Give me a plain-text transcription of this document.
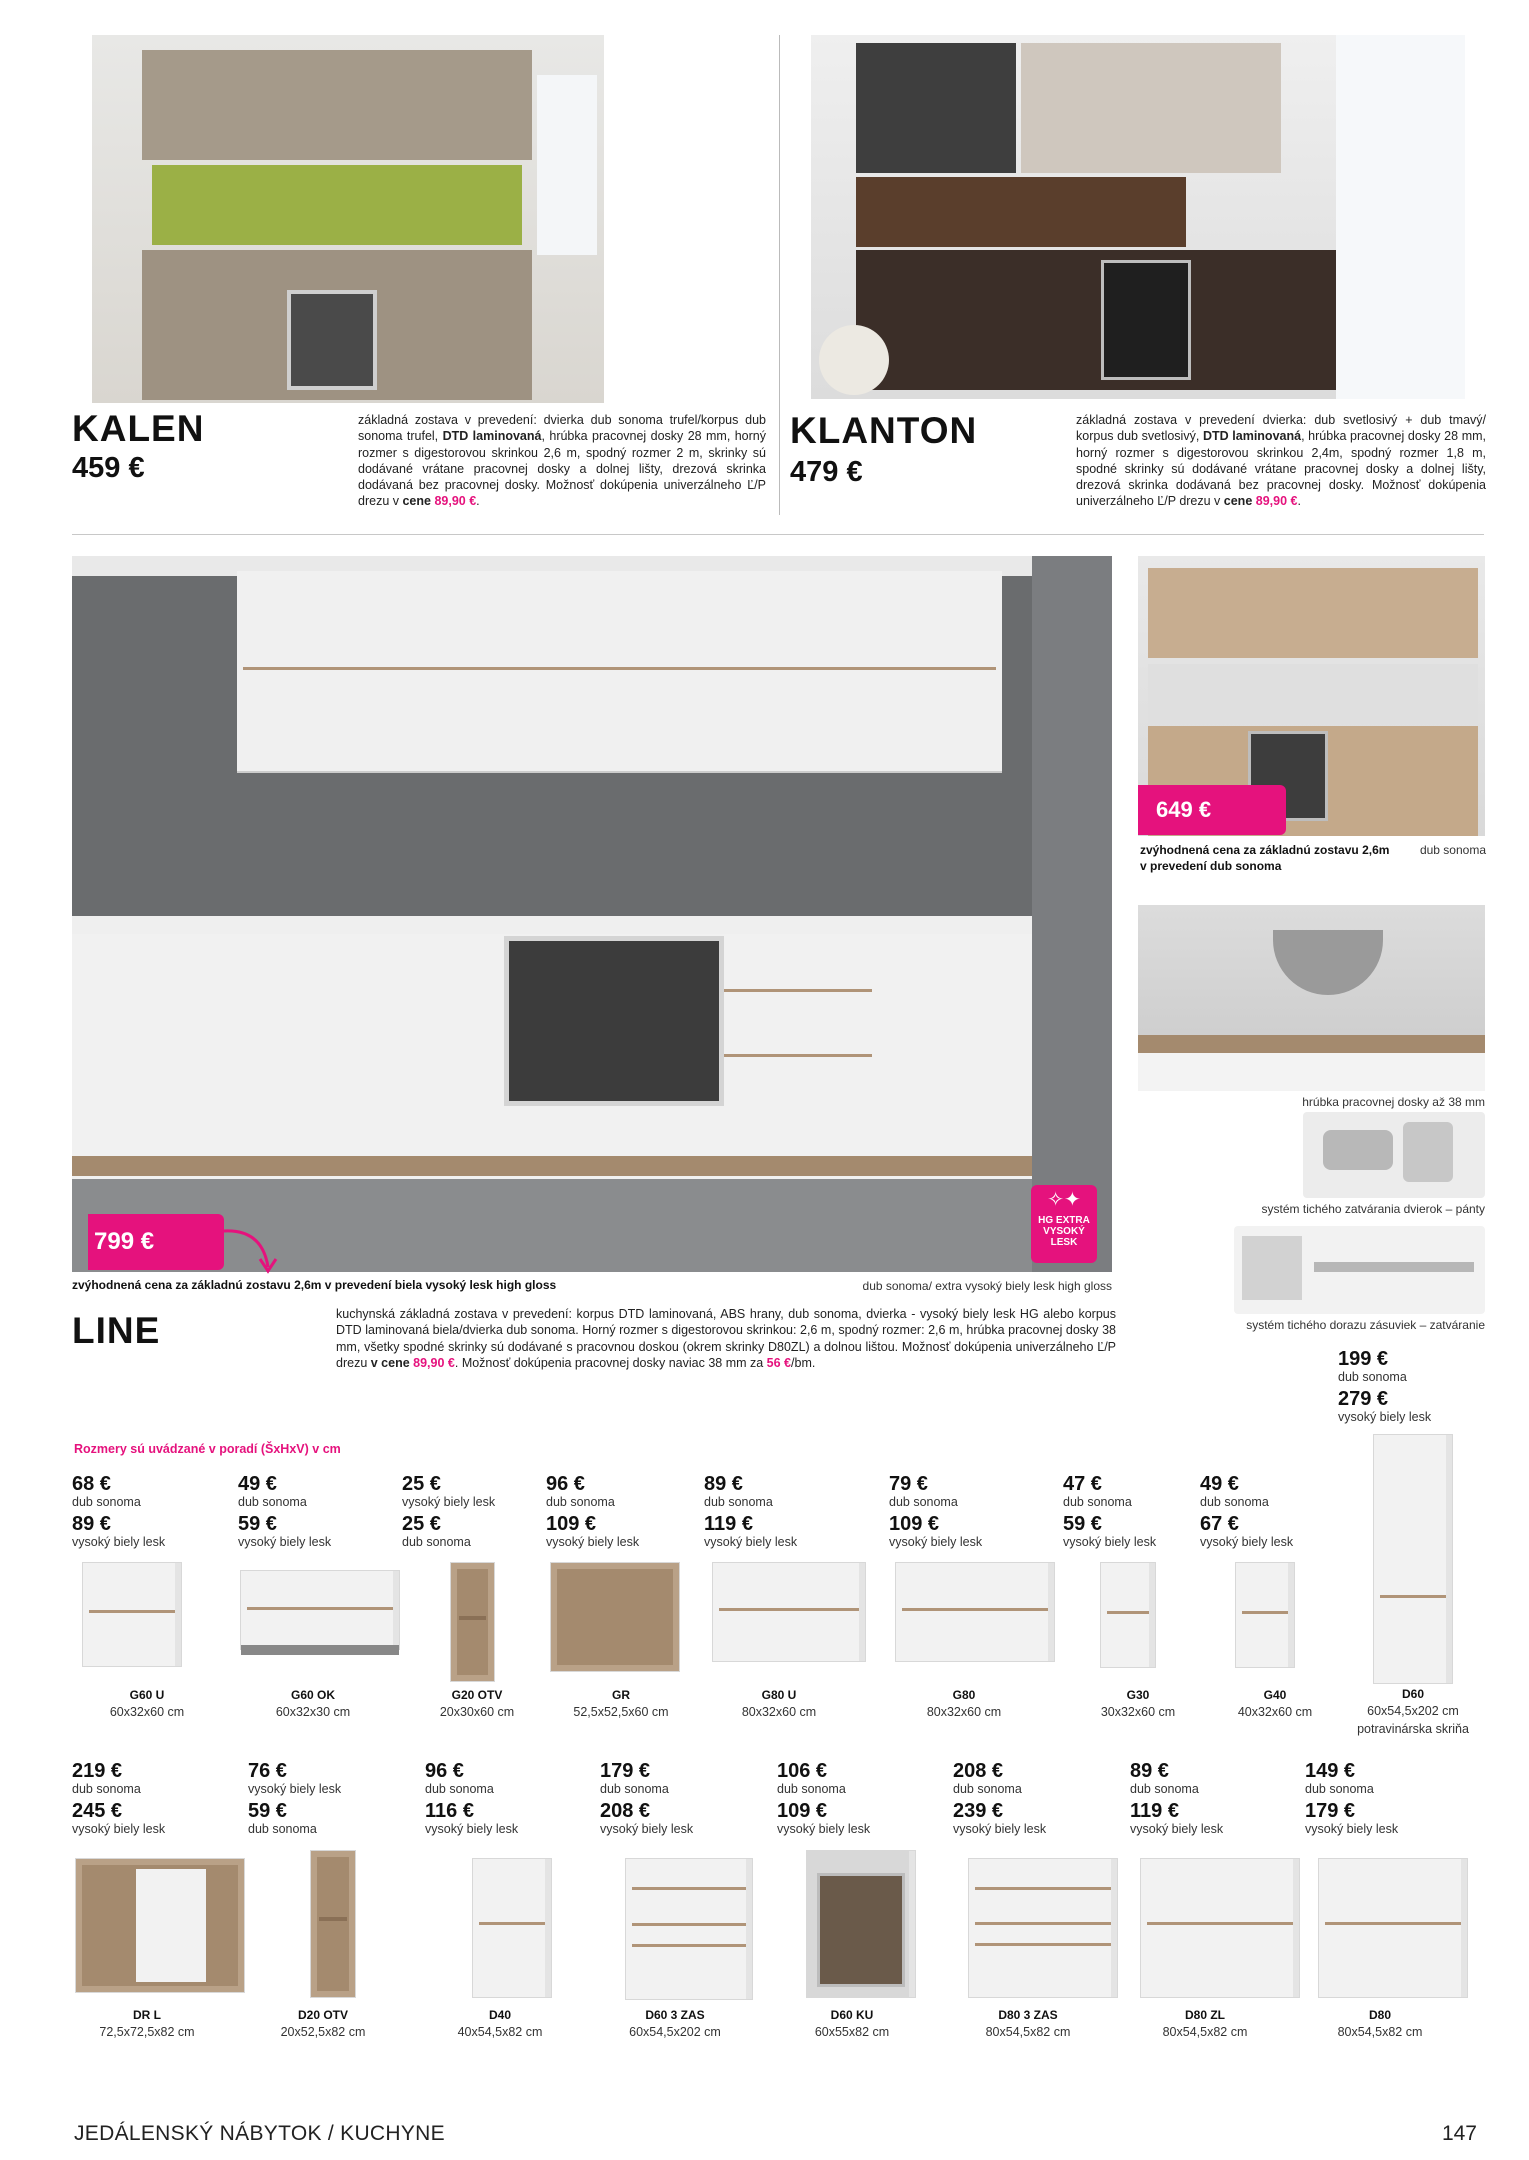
KALEN
459 €
základná zostava v prevedení: dvierka dub sonoma trufel/korpus dub sonoma trufel, DTD laminovaná, hrúbka pracovnej dosky 28 mm, horný rozmer s digestorovou skrinkou 2,6 m, spodný rozmer 2 m, skrinky sú dodávané vrátane pracovnej dosky a dolnej lišty, drezová skrinka dodávaná bez pracovnej dosky. Možnosť dokúpenia univerzálneho Ľ/P drezu v cene 89,90 €.
KLANTON
479 €
základná zostava v prevedení dvierka: dub svetlosivý + dub tmavý/ korpus dub svetlosivý, DTD laminovaná, hrúbka pracovnej dosky 28 mm, horný rozmer s digestorovou skrinkou 2,4m, spodný rozmer 1,8 m, spodné skrinky sú dodávané vrátane pracovnej dosky a dolnej lišty, drezová skrinka dodávaná bez pracovnej dosky. Možnosť dokúpenia univerzálneho Ľ/P drezu v cene 89,90 €.
799 €
✧✦
HG EXTRA VYSOKÝ LESK
zvýhodnená cena za základnú zostavu 2,6m v prevedení biela vysoký lesk high gloss	dub sonoma/ extra vysoký biely lesk high gloss
649 €
zvýhodnená cena za základnú zostavu 2,6m v prevedení dub sonoma
dub sonoma
hrúbka pracovnej dosky až 38 mm
systém tichého zatvárania dvierok – pánty
systém tichého dorazu zásuviek – zatváranie
LINE	kuchynská základná zostava v prevedení: korpus DTD laminovaná, ABS hrany, dub sonoma, dvierka - vysoký biely lesk HG alebo korpus DTD laminovaná biela/dvierka dub sonoma. Horný rozmer s digestorovou skrinkou: 2,6 m, spodný rozmer: 2,6 m, hrúbka pracovnej dosky 38 mm, všetky spodné skrinky sú dodávané s pracovnou doskou (okrem skrinky D80ZL) a dolnou lištou. Možnosť dokúpenia univerzálneho Ľ/P drezu v cene 89,90 €. Možnosť dokúpenia pracovnej dosky naviac 38 mm za 56 €/bm.
Rozmery sú uvádzané v poradí (ŠxHxV) v cm
199 €
dub sonoma
279 €
vysoký biely lesk
D60
60x54,5x202 cm
potravinárska skriňa
68 €
dub sonoma
89 €
vysoký biely lesk
G60 U
60x32x60 cm
49 €
dub sonoma
59 €
vysoký biely lesk
G60 OK
60x32x30 cm
25 €
vysoký biely lesk
25 €
dub sonoma
G20 OTV
20x30x60 cm
96 €
dub sonoma
109 €
vysoký biely lesk
GR
52,5x52,5x60 cm
89 €
dub sonoma
119 €
vysoký biely lesk
G80 U
80x32x60 cm
79 €
dub sonoma
109 €
vysoký biely lesk
G80
80x32x60 cm
47 €
dub sonoma
59 €
vysoký biely lesk
G30
30x32x60 cm
49 €
dub sonoma
67 €
vysoký biely lesk
G40
40x32x60 cm
219 €
dub sonoma
245 €
vysoký biely lesk
DR L
72,5x72,5x82 cm
76 €
vysoký biely lesk
59 €
dub sonoma
D20 OTV
20x52,5x82 cm
96 €
dub sonoma
116 €
vysoký biely lesk
D40
40x54,5x82 cm
179 €
dub sonoma
208 €
vysoký biely lesk
D60 3 ZAS
60x54,5x202 cm
106 €
dub sonoma
109 €
vysoký biely lesk
D60 KU
60x55x82 cm
208 €
dub sonoma
239 €
vysoký biely lesk
D80 3 ZAS
80x54,5x82 cm
89 €
dub sonoma
119 €
vysoký biely lesk
D80 ZL
80x54,5x82 cm
149 €
dub sonoma
179 €
vysoký biely lesk
D80
80x54,5x82 cm
JEDÁLENSKÝ NÁBYTOK / KUCHYNE	147
